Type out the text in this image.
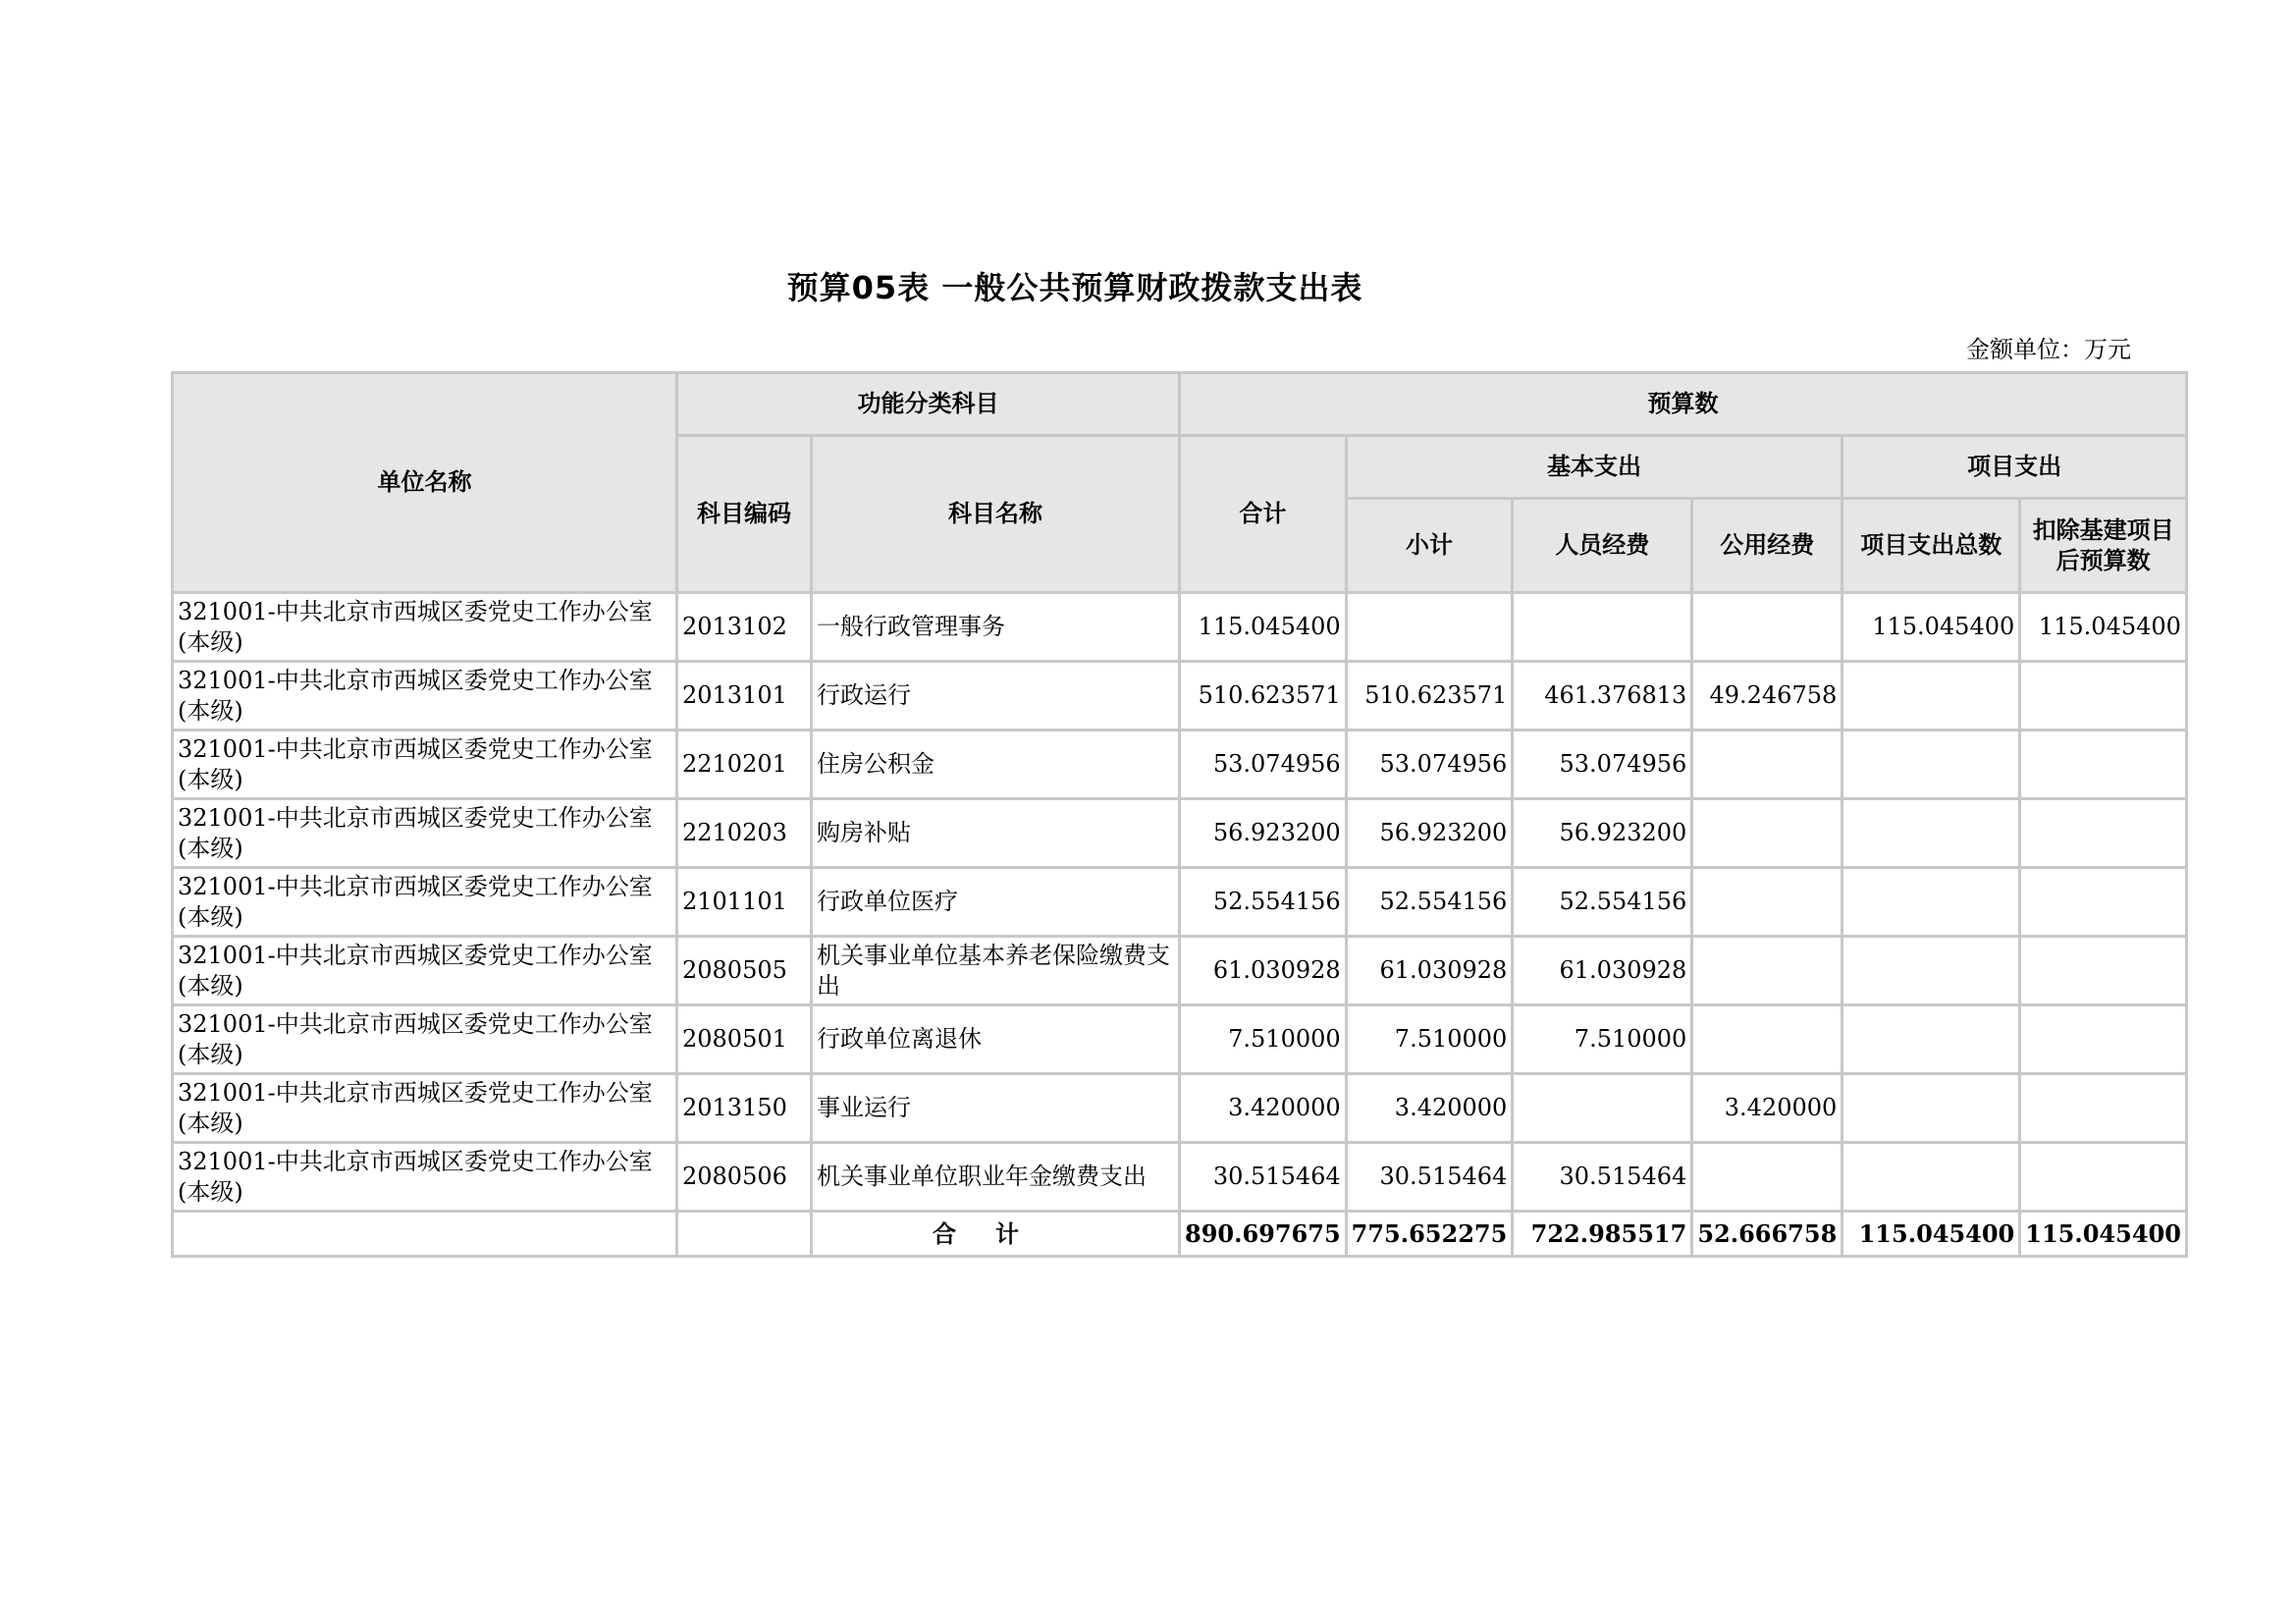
预算05表 一般公共预算财政拨款支出表
金额单位：万元
单位名称	功能分类科目		预算数					
	科目编码	科目名称	合计	基本支出			项目支出	
				小计	人员经费	公用经费	项目支出总数	扣除基建项目后预算数
321001-中共北京市西城区委党史工作办公室(本级)	2013102	一般行政管理事务	115.045400				115.045400	115.045400
321001-中共北京市西城区委党史工作办公室(本级)	2013101	行政运行	510.623571	510.623571	461.376813	49.246758		
321001-中共北京市西城区委党史工作办公室(本级)	2210201	住房公积金	53.074956	53.074956	53.074956			
321001-中共北京市西城区委党史工作办公室(本级)	2210203	购房补贴	56.923200	56.923200	56.923200			
321001-中共北京市西城区委党史工作办公室(本级)	2101101	行政单位医疗	52.554156	52.554156	52.554156			
321001-中共北京市西城区委党史工作办公室(本级)	2080505	机关事业单位基本养老保险缴费支出	61.030928	61.030928	61.030928			
321001-中共北京市西城区委党史工作办公室(本级)	2080501	行政单位离退休	7.510000	7.510000	7.510000			
321001-中共北京市西城区委党史工作办公室(本级)	2013150	事业运行	3.420000	3.420000		3.420000		
321001-中共北京市西城区委党史工作办公室(本级)	2080506	机关事业单位职业年金缴费支出	30.515464	30.515464	30.515464			
		合计	890.697675	775.652275	722.985517	52.666758	115.045400	115.045400
